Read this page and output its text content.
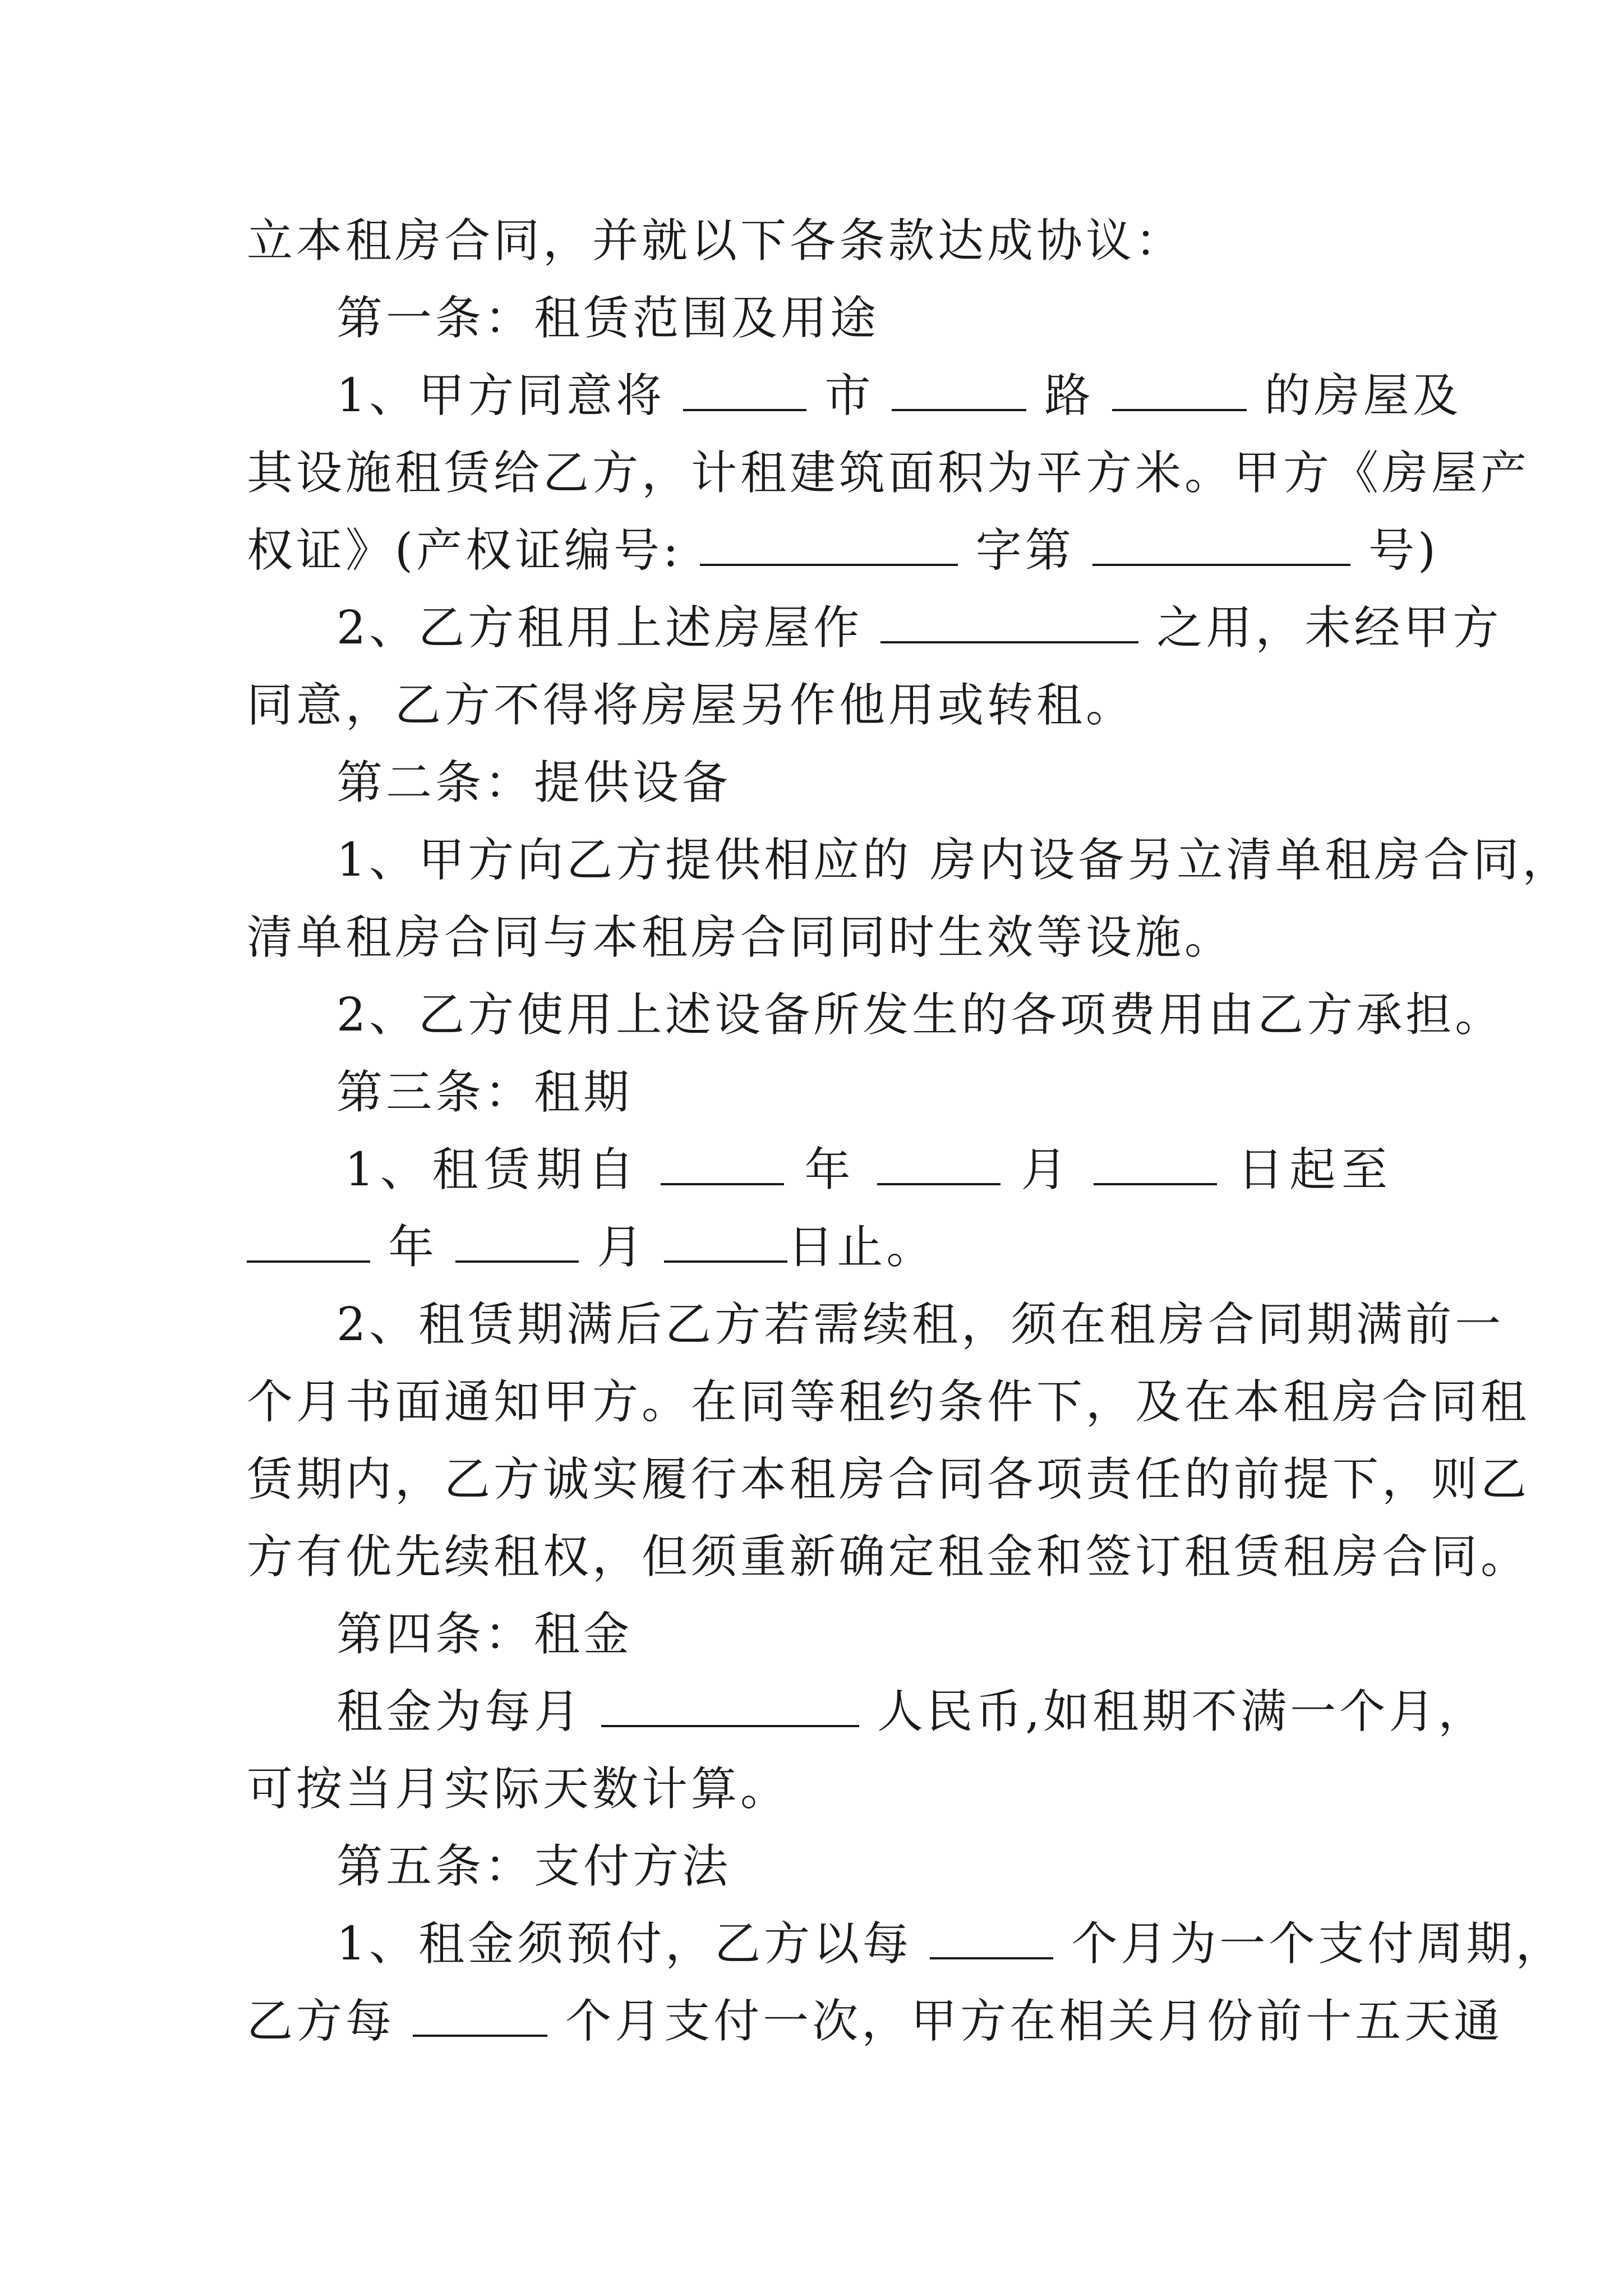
立本租房合同，并就以下各条款达成协议：
第一条：租赁范围及用途
1、甲方同意将	市	路	的房屋及
其设施租赁给乙方，计租建筑面积为平方米。甲方《房屋产
权证》(产权证编号:	字第	号)
2、乙方租用上述房屋作	之用，未经甲方
同意，乙方不得将房屋另作他用或转租。
第二条：提供设备
1、甲方向乙方提供相应的 房内设备另立清单租房合同，
清单租房合同与本租房合同同时生效等设施。
2、乙方使用上述设备所发生的各项费用由乙方承担。
第三条：租期
1、租赁期自	年	月	日起至
年	月	日止。
2、租赁期满后乙方若需续租，须在租房合同期满前一
个月书面通知甲方。在同等租约条件下，及在本租房合同租
赁期内，乙方诚实履行本租房合同各项责任的前提下，则乙
方有优先续租权，但须重新确定租金和签订租赁租房合同。
第四条：租金
租金为每月	人民币,如租期不满一个月，
可按当月实际天数计算。
第五条：支付方法
1、租金须预付，乙方以每	个月为一个支付周期，
乙方每	个月支付一次，甲方在相关月份前十五天通
